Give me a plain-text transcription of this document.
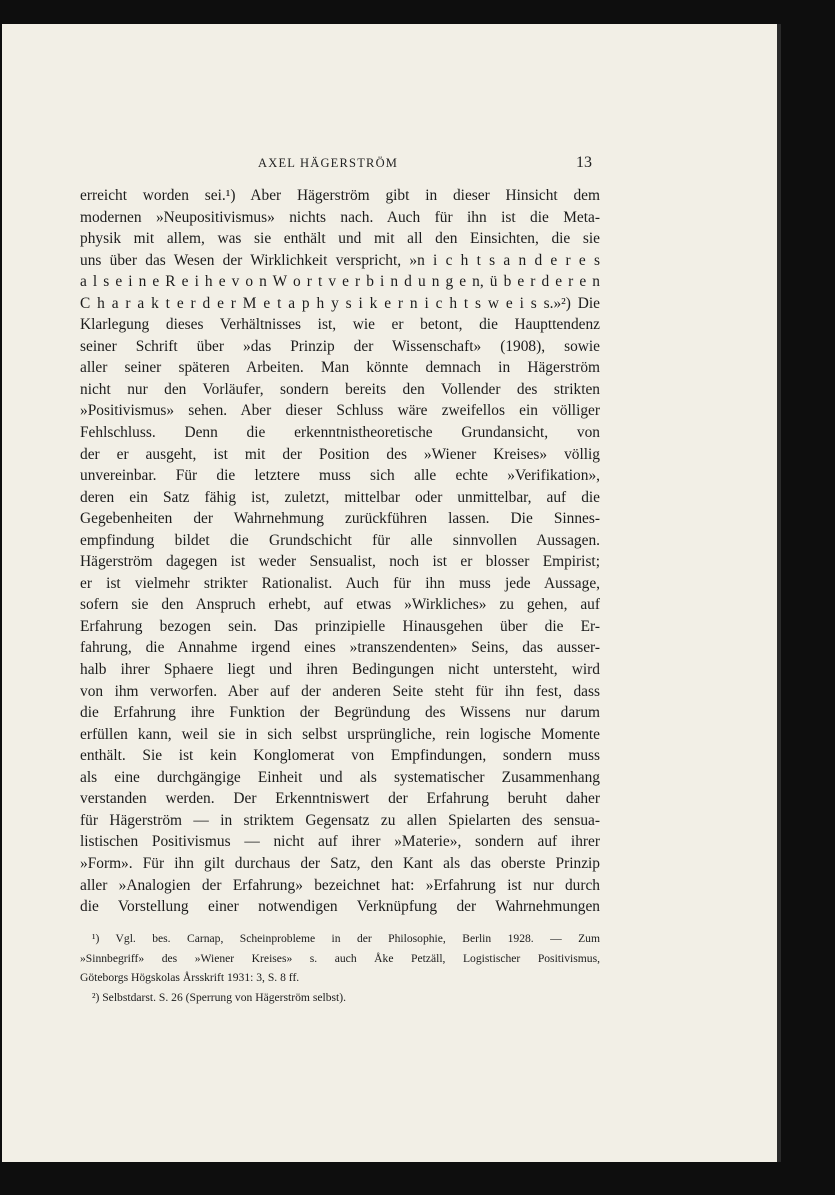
AXEL HÄGERSTRÖM	13
erreicht worden sei.¹) Aber Hägerström gibt in dieser Hinsicht dem
modernen »Neupositivismus» nichts nach. Auch für ihn ist die Meta-
physik mit allem, was sie enthält und mit all den Einsichten, die sie
uns über das Wesen der Wirklichkeit verspricht, »n i c h t s a n d e r e s
a l s e i n e R e i h e v o n W o r t v e r b i n d u n g e n, ü b e r d e r e n
C h a r a k t e r d e r M e t a p h y s i k e r n i c h t s w e i s s.»²) Die
Klarlegung dieses Verhältnisses ist, wie er betont, die Haupttendenz
seiner Schrift über »das Prinzip der Wissenschaft» (1908), sowie
aller seiner späteren Arbeiten. Man könnte demnach in Hägerström
nicht nur den Vorläufer, sondern bereits den Vollender des strikten
»Positivismus» sehen. Aber dieser Schluss wäre zweifellos ein völliger
Fehlschluss. Denn die erkenntnistheoretische Grundansicht, von
der er ausgeht, ist mit der Position des »Wiener Kreises» völlig
unvereinbar. Für die letztere muss sich alle echte »Verifikation»,
deren ein Satz fähig ist, zuletzt, mittelbar oder unmittelbar, auf die
Gegebenheiten der Wahrnehmung zurückführen lassen. Die Sinnes-
empfindung bildet die Grundschicht für alle sinnvollen Aussagen.
Hägerström dagegen ist weder Sensualist, noch ist er blosser Empirist;
er ist vielmehr strikter Rationalist. Auch für ihn muss jede Aussage,
sofern sie den Anspruch erhebt, auf etwas »Wirkliches» zu gehen, auf
Erfahrung bezogen sein. Das prinzipielle Hinausgehen über die Er-
fahrung, die Annahme irgend eines »transzendenten» Seins, das ausser-
halb ihrer Sphaere liegt und ihren Bedingungen nicht untersteht, wird
von ihm verworfen. Aber auf der anderen Seite steht für ihn fest, dass
die Erfahrung ihre Funktion der Begründung des Wissens nur darum
erfüllen kann, weil sie in sich selbst ursprüngliche, rein logische Momente
enthält. Sie ist kein Konglomerat von Empfindungen, sondern muss
als eine durchgängige Einheit und als systematischer Zusammenhang
verstanden werden. Der Erkenntniswert der Erfahrung beruht daher
für Hägerström — in striktem Gegensatz zu allen Spielarten des sensua-
listischen Positivismus — nicht auf ihrer »Materie», sondern auf ihrer
»Form». Für ihn gilt durchaus der Satz, den Kant als das oberste Prinzip
aller »Analogien der Erfahrung» bezeichnet hat: »Erfahrung ist nur durch
die Vorstellung einer notwendigen Verknüpfung der Wahrnehmungen
¹) Vgl. bes. Carnap, Scheinprobleme in der Philosophie, Berlin 1928. — Zum
»Sinnbegriff» des »Wiener Kreises» s. auch Åke Petzäll, Logistischer Positivismus,
Göteborgs Högskolas Årsskrift 1931: 3, S. 8 ff.
²) Selbstdarst. S. 26 (Sperrung von Hägerström selbst).
